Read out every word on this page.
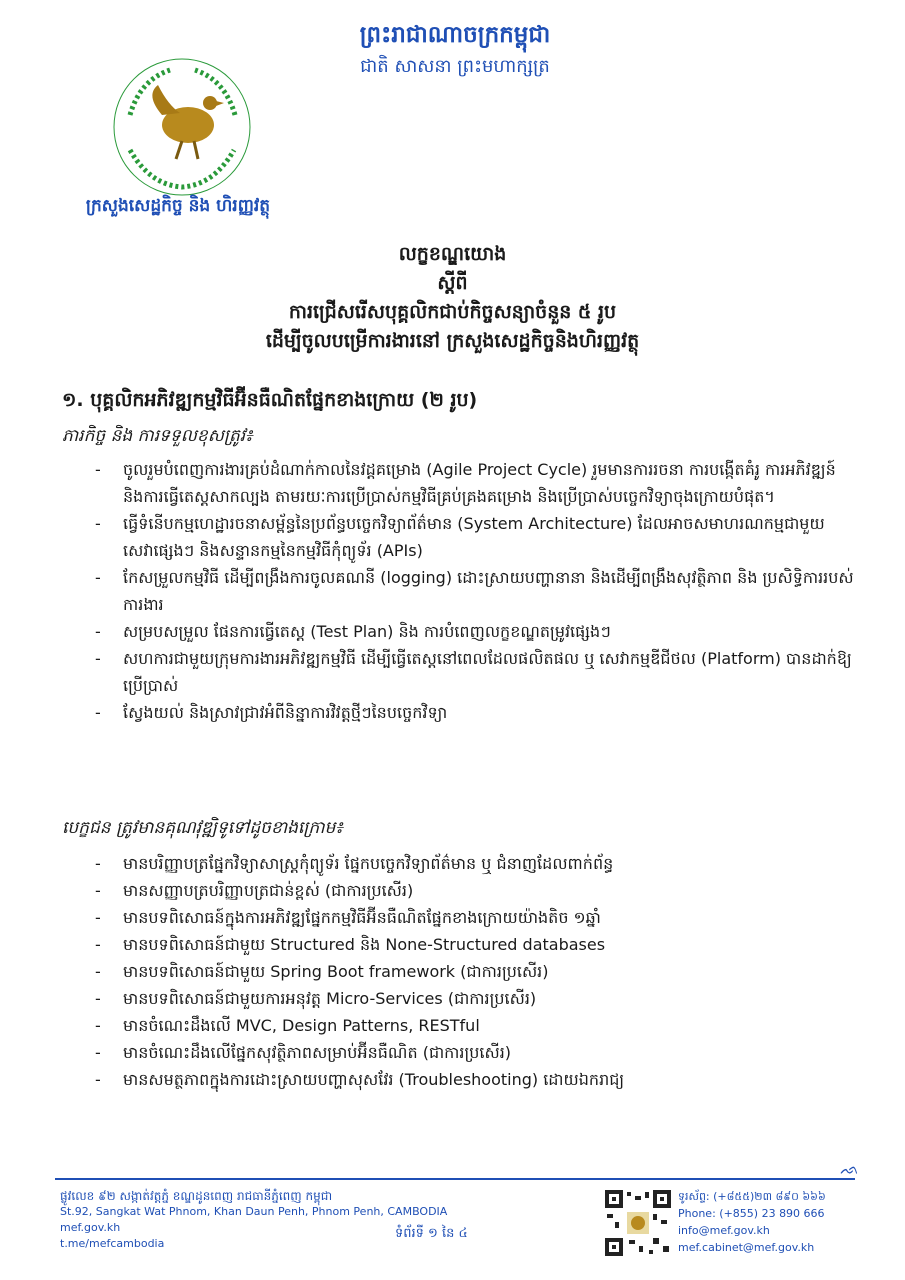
ព្រះរាជាណាចក្រកម្ពុជា
ជាតិ សាសនា ព្រះមហាក្សត្រ
ក្រសួងសេដ្ឋកិច្ច និង ហិរញ្ញវត្ថុ
លក្ខខណ្ឌយោង
ស្តីពី
ការជ្រើសរើសបុគ្គលិកជាប់កិច្ចសន្យាចំនួន ៥ រូប
ដើម្បីចូលបម្រើការងារនៅ ក្រសួងសេដ្ឋកិច្ចនិងហិរញ្ញវត្ថុ
១. បុគ្គលិកអភិវឌ្ឍកម្មវិធីអ៊ីនធឺណិតផ្នែកខាងក្រោយ (២ រូប)
ភារកិច្ច និង ការទទួលខុសត្រូវ៖
- ចូលរួមបំពេញការងារគ្រប់ដំណាក់កាលនៃវដ្តគម្រោង (Agile Project Cycle) រួមមានការរចនា ការបង្កើតគំរូ ការអភិវឌ្ឍន៍ និងការធ្វើតេស្តសាកល្បង តាមរយៈការប្រើប្រាស់កម្មវិធីគ្រប់គ្រងគម្រោង និងប្រើប្រាស់បច្ចេកវិទ្យាចុងក្រោយបំផុត។
- ធ្វើទំនើបកម្មហេដ្ឋារចនាសម្ព័ន្ធនៃប្រព័ន្ធបច្ចេកវិទ្យាព័ត៌មាន (System Architecture) ដែលអាចសមាហរណកម្មជាមួយសេវាផ្សេងៗ និងសន្ទានកម្មនៃកម្មវិធីកុំព្យូទ័រ (APIs)
- កែសម្រួលកម្មវិធី ដើម្បីពង្រឹងការចូលគណនី (logging) ដោះស្រាយបញ្ហានានា និងដើម្បីពង្រឹងសុវត្ថិភាព និង ប្រសិទ្ធិការរបស់ការងារ
- សម្របសម្រួល ផែនការធ្វើតេស្ត (Test Plan) និង ការបំពេញលក្ខខណ្ឌតម្រូវផ្សេងៗ
- សហការជាមួយក្រុមការងារអភិវឌ្ឍកម្មវិធី ដើម្បីធ្វើតេស្តនៅពេលដែលផលិតផល ឬ សេវាកម្មឌីជីថល (Platform) បានដាក់ឱ្យប្រើប្រាស់
- ស្វែងយល់ និងស្រាវជ្រាវអំពីនិន្នាការវិវត្តថ្មីៗនៃបច្ចេកវិទ្យា
បេក្ខជន ត្រូវមានគុណវុឌ្ឍិទូទៅដូចខាងក្រោម៖
- មានបរិញ្ញាបត្រផ្នែកវិទ្យាសាស្ត្រកុំព្យូទ័រ ផ្នែកបច្ចេកវិទ្យាព័ត៌មាន ឬ ជំនាញដែលពាក់ព័ន្ធ
- មានសញ្ញាបត្របរិញ្ញាបត្រជាន់ខ្ពស់ (ជាការប្រសើរ)
- មានបទពិសោធន៍ក្នុងការអភិវឌ្ឍផ្នែកកម្មវិធីអ៊ីនធឺណិតផ្នែកខាងក្រោយយ៉ាងតិច ១ឆ្នាំ
- មានបទពិសោធន៍ជាមួយ Structured និង None-Structured databases
- មានបទពិសោធន៍ជាមួយ Spring Boot framework (ជាការប្រសើរ)
- មានបទពិសោធន៍ជាមួយការអនុវត្ត Micro-Services (ជាការប្រសើរ)
- មានចំណេះដឹងលើ MVC, Design Patterns, RESTful
- មានចំណេះដឹងលើផ្នែកសុវត្ថិភាពសម្រាប់អ៊ីនធឺណិត (ជាការប្រសើរ)
- មានសមត្ថភាពក្នុងការដោះស្រាយបញ្ហាសុសវែរ (Troubleshooting) ដោយឯករាជ្យ
ᨒ
ផ្លូវលេខ ៩២ សង្កាត់វត្តភ្នំ ខណ្ឌដូនពេញ រាជធានីភ្នំពេញ កម្ពុជា
St.92, Sangkat Wat Phnom, Khan Daun Penh, Phnom Penh, CAMBODIA
mef.gov.kh
t.me/mefcambodia
ទំព័រទី ១ នៃ ៤
ទូរស័ព្ទ: (+៨៥៥)២៣ ៨៩០ ៦៦៦
Phone: (+855) 23 890 666
info@mef.gov.kh
mef.cabinet@mef.gov.kh
